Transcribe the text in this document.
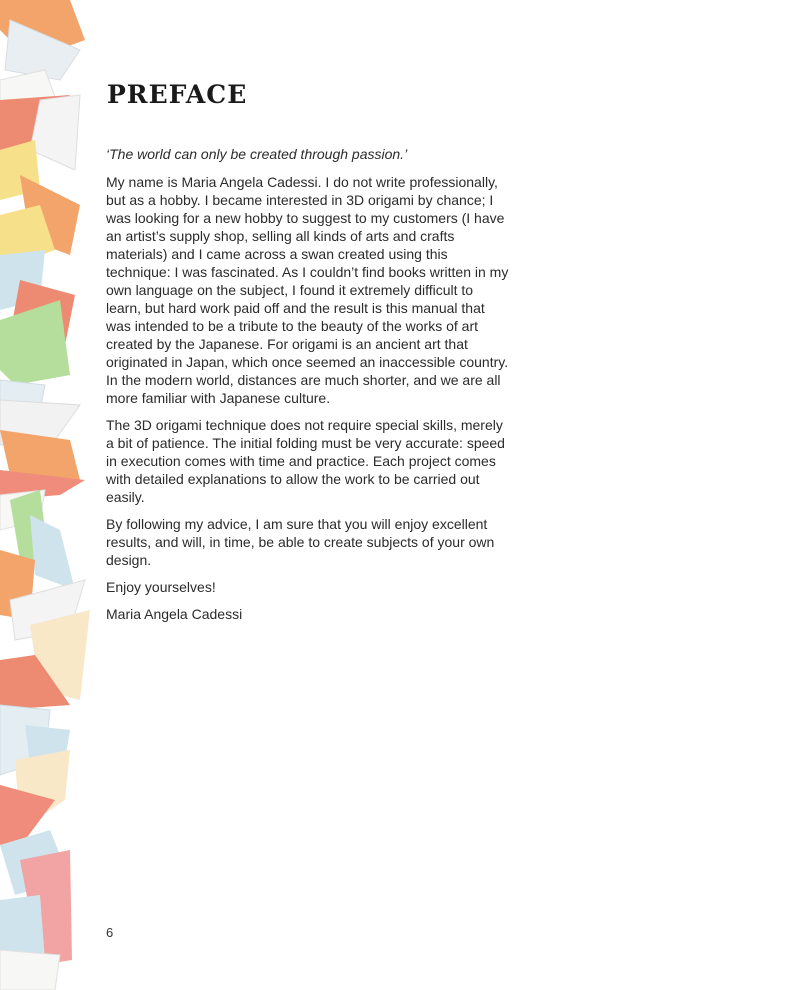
PREFACE

‘The world can only be created through passion.’

My name is Maria Angela Cadessi. I do not write professionally, but as a hobby. I became interested in 3D origami by chance; I was looking for a new hobby to suggest to my customers (I have an artist’s supply shop, selling all kinds of arts and crafts materials) and I came across a swan created using this technique: I was fascinated. As I couldn’t find books written in my own language on the subject, I found it extremely difficult to learn, but hard work paid off and the result is this manual that was intended to be a tribute to the beauty of the works of art created by the Japanese. For origami is an ancient art that originated in Japan, which once seemed an inaccessible country. In the modern world, distances are much shorter, and we are all more familiar with Japanese culture.

The 3D origami technique does not require special skills, merely a bit of patience. The initial folding must be very accurate: speed in execution comes with time and practice. Each project comes with detailed explanations to allow the work to be carried out easily.

By following my advice, I am sure that you will enjoy excellent results, and will, in time, be able to create subjects of your own design.

Enjoy yourselves!

Maria Angela Cadessi

6
